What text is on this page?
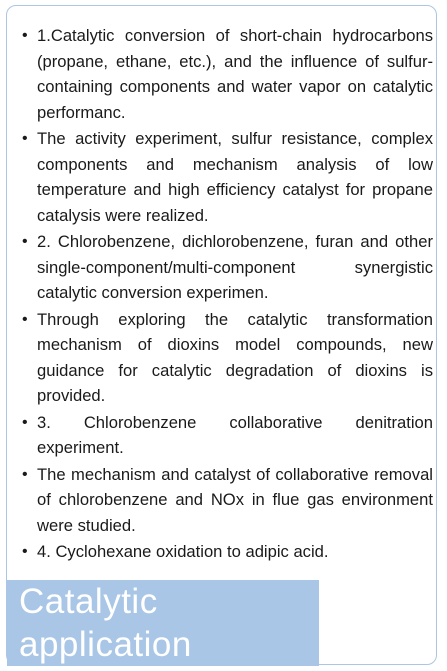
• 1.Catalytic conversion of short-chain hydrocarbons (propane, ethane, etc.), and the influence of sulfur-containing components and water vapor on catalytic performanc.
• The activity experiment, sulfur resistance, complex components and mechanism analysis of low temperature and high efficiency catalyst for propane catalysis were realized.
• 2. Chlorobenzene, dichlorobenzene, furan and other single-component/multi-component synergistic catalytic conversion experimen.
• Through exploring the catalytic transformation mechanism of dioxins model compounds, new guidance for catalytic degradation of dioxins is provided.
• 3. Chlorobenzene collaborative denitration experiment.
• The mechanism and catalyst of collaborative removal of chlorobenzene and NOx in flue gas environment were studied.
• 4. Cyclohexane oxidation to adipic acid.
Catalytic
application
